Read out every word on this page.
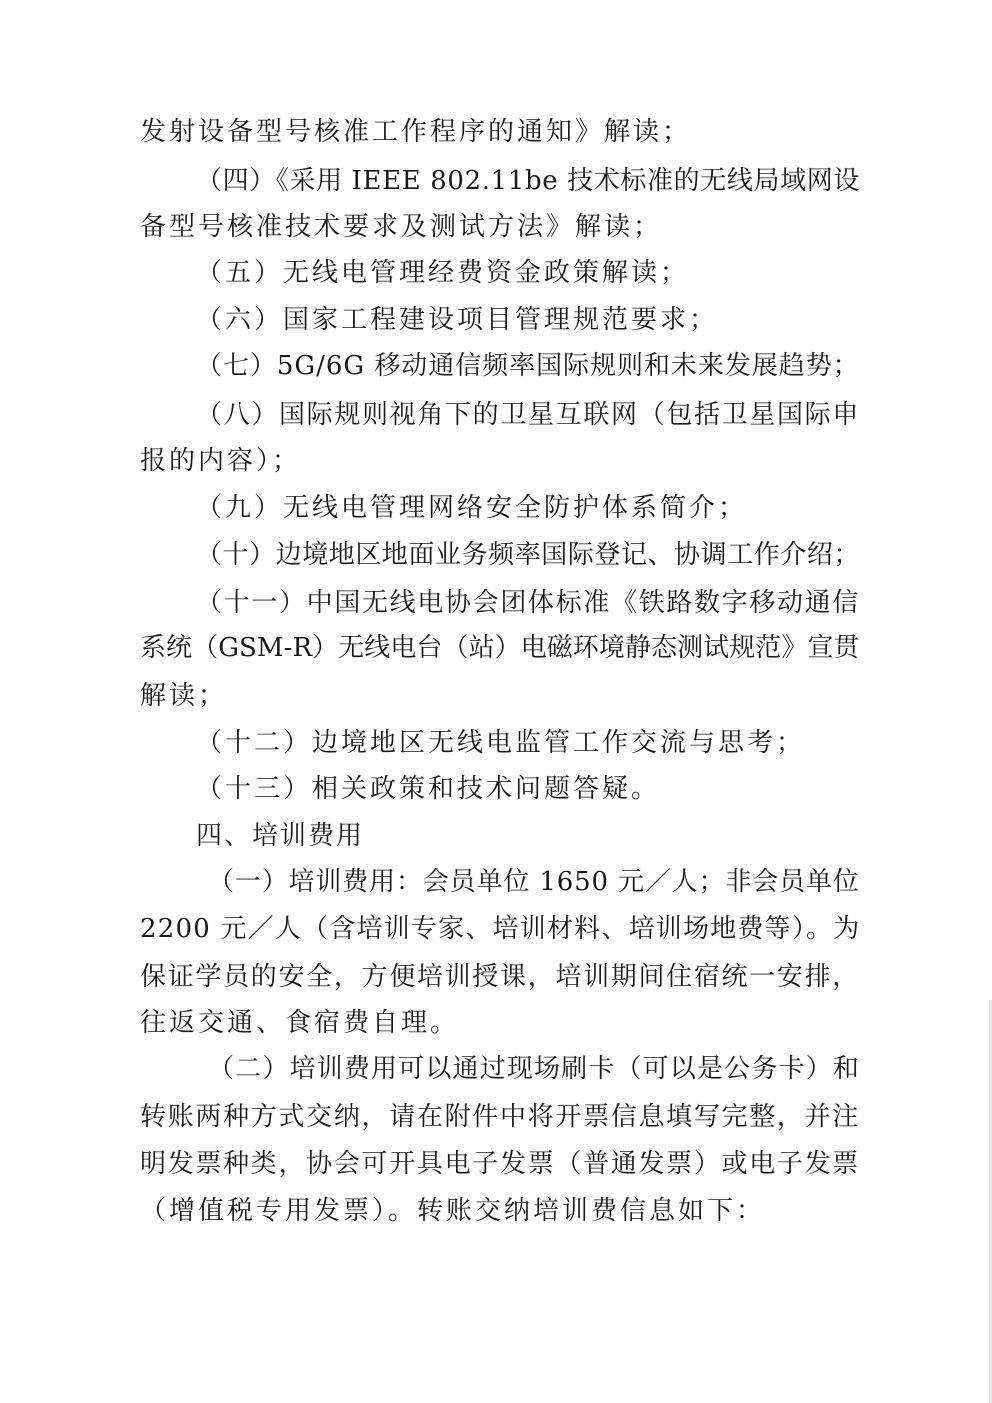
发射设备型号核准工作程序的通知》解读；
（四）《采用 IEEE 802.11be 技术标准的无线局域网设
备型号核准技术要求及测试方法》解读；
（五）无线电管理经费资金政策解读；
（六）国家工程建设项目管理规范要求；
（七）5G/6G 移动通信频率国际规则和未来发展趋势；
（八）国际规则视角下的卫星互联网（包括卫星国际申
报的内容）；
（九）无线电管理网络安全防护体系简介；
（十）边境地区地面业务频率国际登记、协调工作介绍；
（十一）中国无线电协会团体标准《铁路数字移动通信
系统（GSM-R）无线电台（站）电磁环境静态测试规范》宣贯
解读；
（十二）边境地区无线电监管工作交流与思考；
（十三）相关政策和技术问题答疑。
四、培训费用
（一）培训费用：会员单位 1650 元／人；非会员单位
2200 元／人（含培训专家、培训材料、培训场地费等）。为
保证学员的安全，方便培训授课，培训期间住宿统一安排，
往返交通、食宿费自理。
（二）培训费用可以通过现场刷卡（可以是公务卡）和
转账两种方式交纳，请在附件中将开票信息填写完整，并注
明发票种类，协会可开具电子发票（普通发票）或电子发票
（增值税专用发票）。转账交纳培训费信息如下：
